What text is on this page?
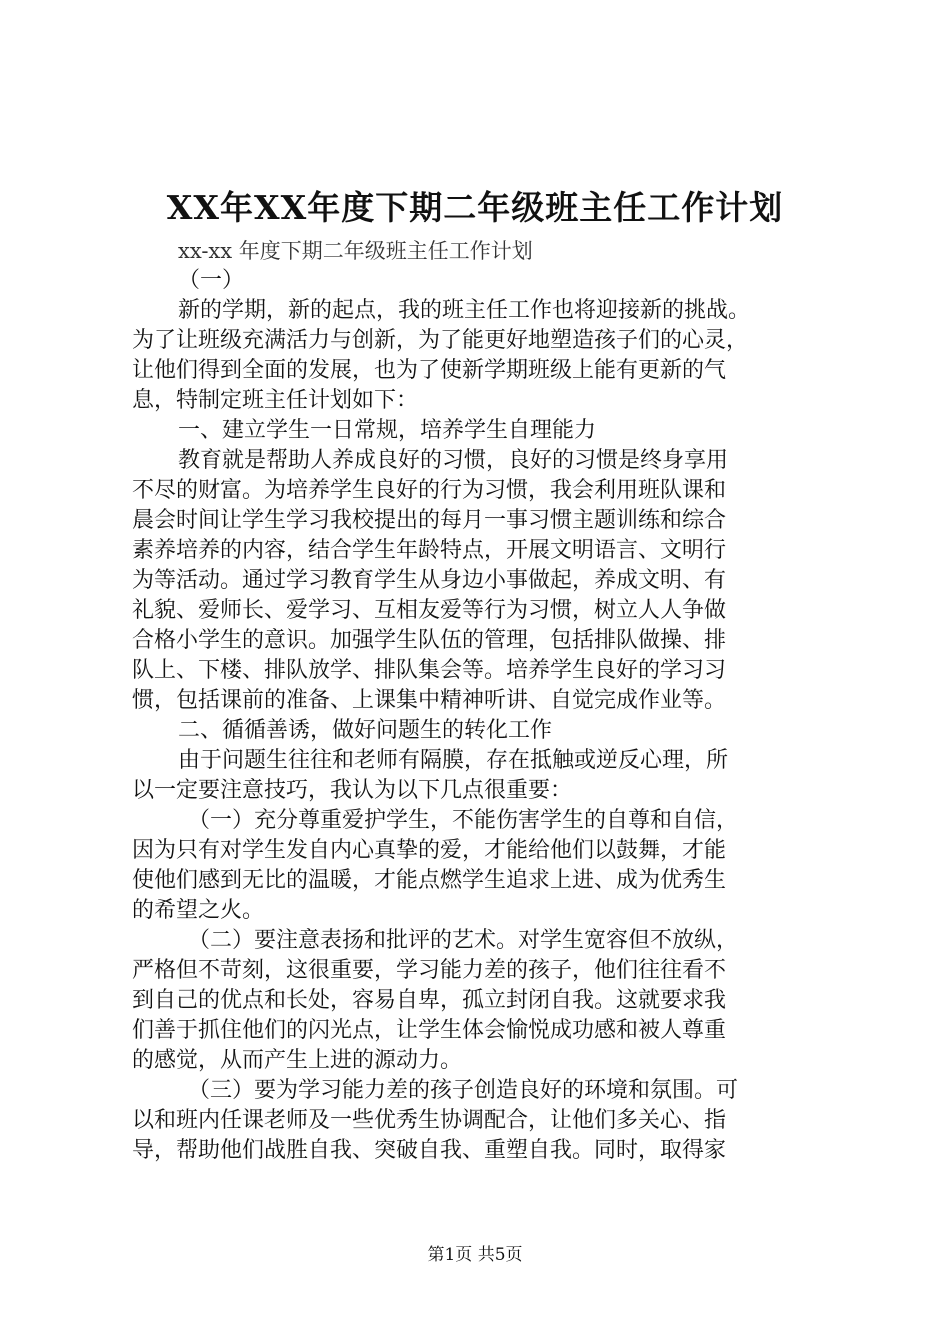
XX年XX年度下期二年级班主任工作计划
xx-xx 年度下期二年级班主任工作计划
（一）
新的学期，新的起点，我的班主任工作也将迎接新的挑战。
为了让班级充满活力与创新，为了能更好地塑造孩子们的心灵，
让他们得到全面的发展，也为了使新学期班级上能有更新的气
息，特制定班主任计划如下：
一、建立学生一日常规，培养学生自理能力
教育就是帮助人养成良好的习惯，良好的习惯是终身享用
不尽的财富。为培养学生良好的行为习惯，我会利用班队课和
晨会时间让学生学习我校提出的每月一事习惯主题训练和综合
素养培养的内容，结合学生年龄特点，开展文明语言、文明行
为等活动。通过学习教育学生从身边小事做起，养成文明、有
礼貌、爱师长、爱学习、互相友爱等行为习惯，树立人人争做
合格小学生的意识。加强学生队伍的管理，包括排队做操、排
队上、下楼、排队放学、排队集会等。培养学生良好的学习习
惯，包括课前的准备、上课集中精神听讲、自觉完成作业等。
二、循循善诱，做好问题生的转化工作
由于问题生往往和老师有隔膜，存在抵触或逆反心理，所
以一定要注意技巧，我认为以下几点很重要：
（一）充分尊重爱护学生，不能伤害学生的自尊和自信，
因为只有对学生发自内心真挚的爱，才能给他们以鼓舞，才能
使他们感到无比的温暖，才能点燃学生追求上进、成为优秀生
的希望之火。
（二）要注意表扬和批评的艺术。对学生宽容但不放纵，
严格但不苛刻，这很重要，学习能力差的孩子，他们往往看不
到自己的优点和长处，容易自卑，孤立封闭自我。这就要求我
们善于抓住他们的闪光点，让学生体会愉悦成功感和被人尊重
的感觉，从而产生上进的源动力。
（三）要为学习能力差的孩子创造良好的环境和氛围。可
以和班内任课老师及一些优秀生协调配合，让他们多关心、指
导，帮助他们战胜自我、突破自我、重塑自我。同时，取得家
第1页 共5页
